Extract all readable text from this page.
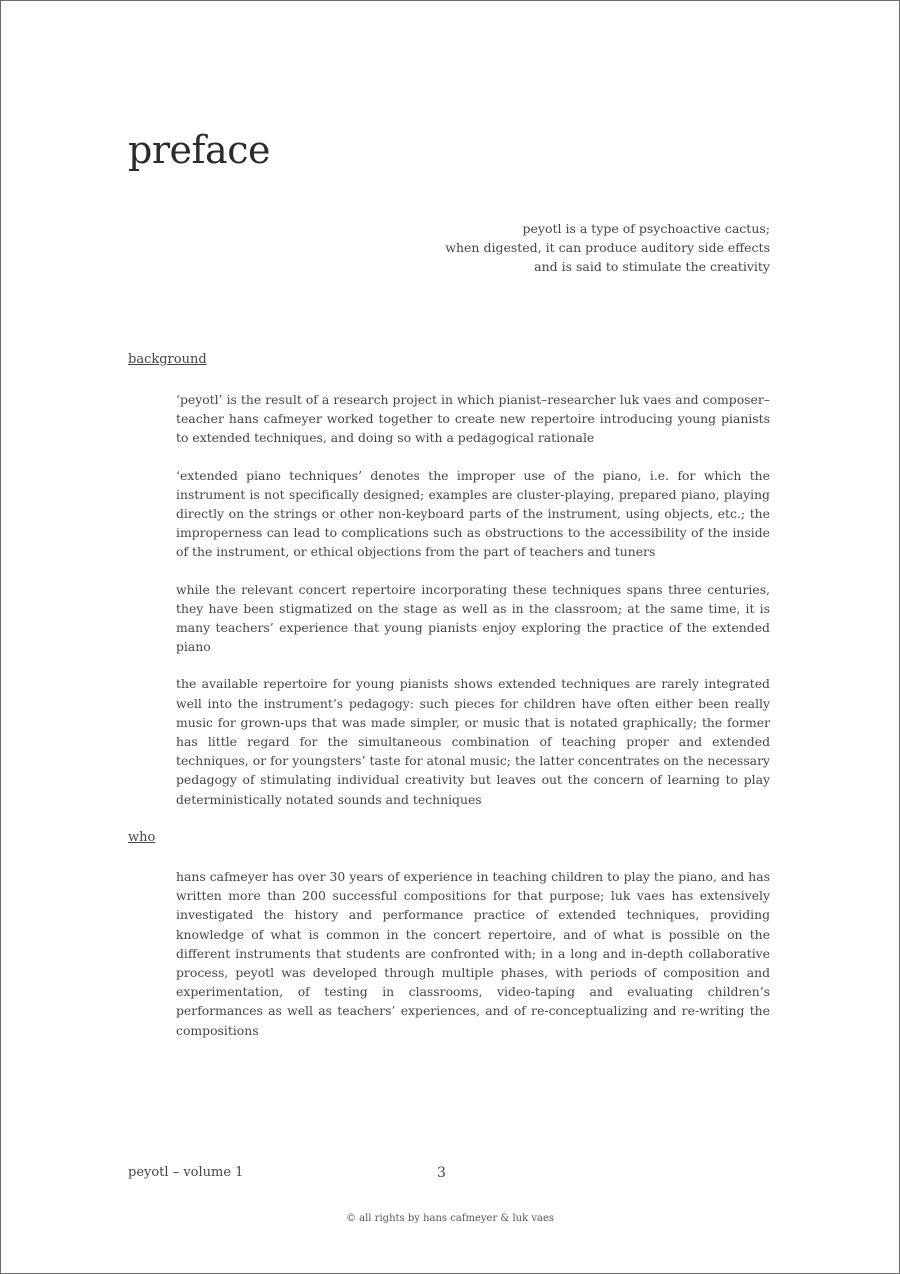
preface
peyotl is a type of psychoactive cactus;
when digested, it can produce auditory side effects
and is said to stimulate the creativity
background

‘peyotl’ is the result of a research project in which pianist–researcher luk vaes and composer–teacher hans cafmeyer worked together to create new repertoire introducing young pianists to extended techniques, and doing so with a pedagogical rationale

‘extended piano techniques’ denotes the improper use of the piano, i.e. for which the instrument is not specifically designed; examples are cluster-playing, prepared piano, playing directly on the strings or other non-keyboard parts of the instrument, using objects, etc.; the improperness can lead to complications such as obstructions to the accessibility of the inside of the instrument, or ethical objections from the part of teachers and tuners

while the relevant concert repertoire incorporating these techniques spans three centuries, they have been stigmatized on the stage as well as in the classroom; at the same time, it is many teachers’ experience that young pianists enjoy exploring the practice of the extended piano

the available repertoire for young pianists shows extended techniques are rarely integrated well into the instrument’s pedagogy: such pieces for children have often either been really music for grown-ups that was made simpler, or music that is notated graphically; the former has little regard for the simultaneous combination of teaching proper and extended techniques, or for youngsters’ taste for atonal music; the latter concentrates on the necessary pedagogy of stimulating individual creativity but leaves out the concern of learning to play deterministically notated sounds and techniques

who

hans cafmeyer has over 30 years of experience in teaching children to play the piano, and has written more than 200 successful compositions for that purpose; luk vaes has extensively investigated the history and performance practice of extended techniques, providing knowledge of what is common in the concert repertoire, and of what is possible on the different instruments that students are confronted with; in a long and in-depth collaborative process, peyotl was developed through multiple phases, with periods of composition and experimentation, of testing in classrooms, video-taping and evaluating children’s performances as well as teachers’ experiences, and of re-conceptualizing and re-writing the compositions

peyotl – volume 1	3
© all rights by hans cafmeyer & luk vaes
